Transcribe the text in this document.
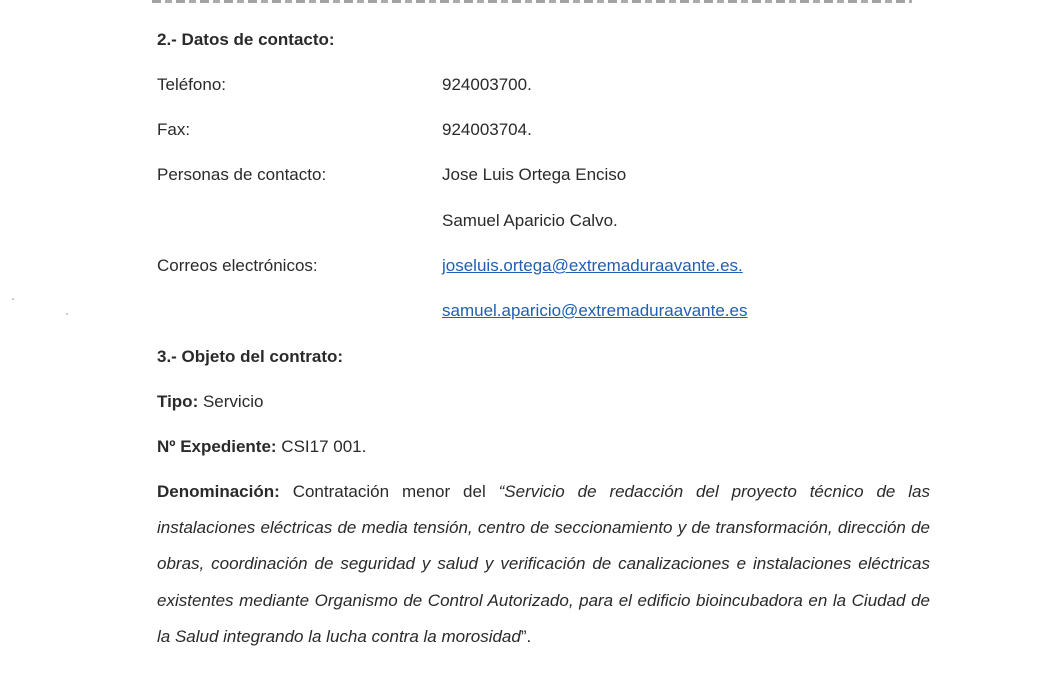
2.- Datos de contacto:
Teléfono:	924003700.
Fax:	924003704.
Personas de contacto:	Jose Luis Ortega Enciso
Samuel Aparicio Calvo.
Correos electrónicos:	joseluis.ortega@extremaduraavante.es.
samuel.aparicio@extremaduraavante.es
3.- Objeto del contrato:
Tipo: Servicio
Nº Expediente: CSI17 001.
Denominación: Contratación menor del “Servicio de redacción del proyecto técnico de las instalaciones eléctricas de media tensión, centro de seccionamiento y de transformación, dirección de obras, coordinación de seguridad y salud y verificación de canalizaciones e instalaciones eléctricas existentes mediante Organismo de Control Autorizado, para el edificio bioincubadora en la Ciudad de la Salud integrando la lucha contra la morosidad”.
